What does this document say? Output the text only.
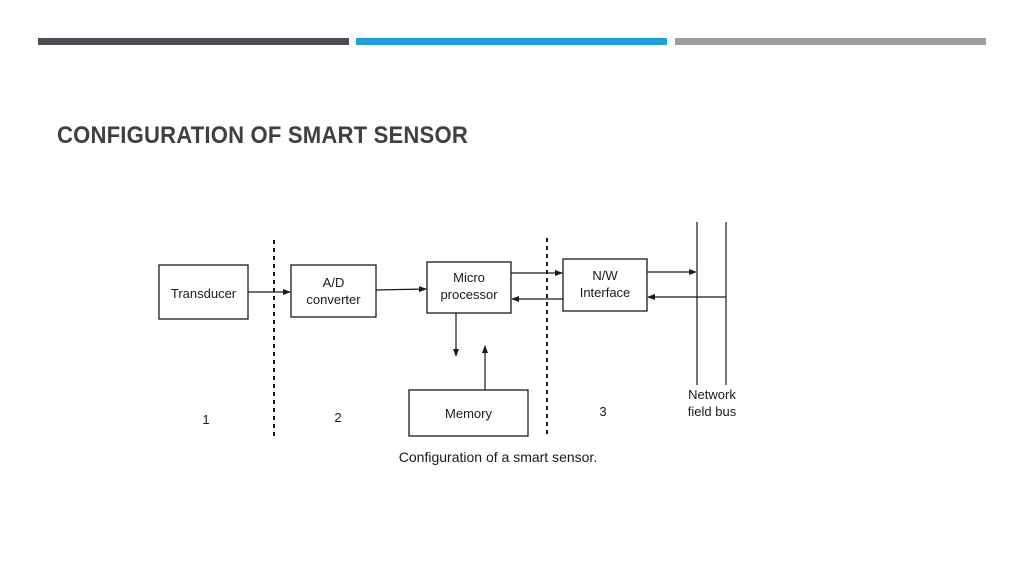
CONFIGURATION OF SMART SENSOR
Transducer
A/D
converter
Micro
processor
N/W
Interface
Memory
1	2	3
Network
field bus
Configuration of a smart sensor.
